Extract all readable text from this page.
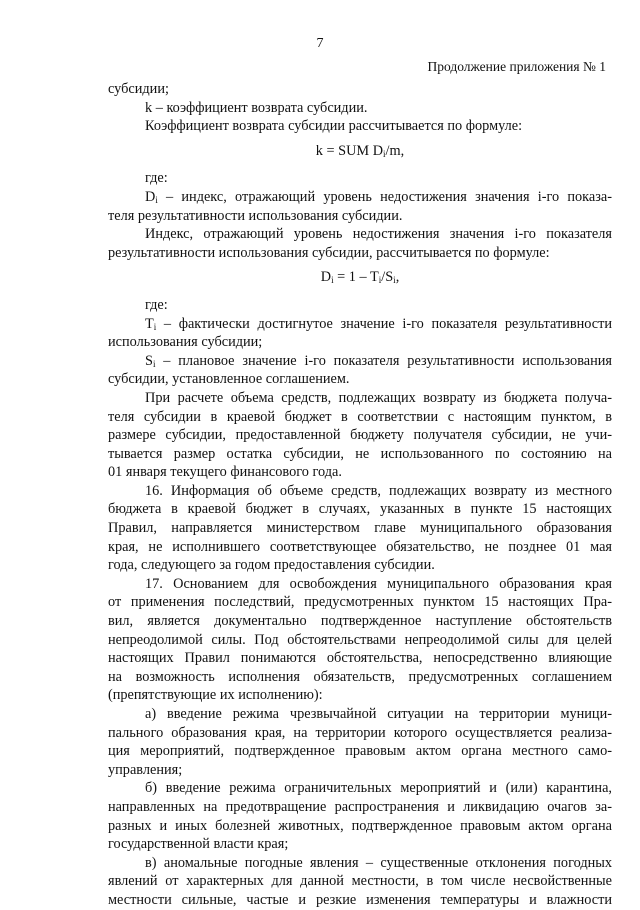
7
Продолжение приложения № 1

субсидии;

k – коэффициент возврата субсидии.

Коэффициент возврата субсидии рассчитывается по формуле:

k = SUM $D_i/m$,

где:

$D_i$ – индекс, отражающий уровень недостижения значения i-го показа-

теля результативности использования субсидии.

Индекс, отражающий уровень недостижения значения i-го показателя

результативности использования субсидии, рассчитывается по формуле:

$D_i = 1 - T_i/S_i$,

где:

$T_i$ – фактически достигнутое значение i-го показателя результативности

использования субсидии;

$S_i$ – плановое значение i-го показателя результативности использования

субсидии, установленное соглашением.

При расчете объема средств, подлежащих возврату из бюджета получа-

теля субсидии в краевой бюджет в соответствии с настоящим пунктом, в

размере субсидии, предоставленной бюджету получателя субсидии, не учи-

тывается размер остатка субсидии, не использованного по состоянию на

01 января текущего финансового года.

16. Информация об объеме средств, подлежащих возврату из местного

бюджета в краевой бюджет в случаях, указанных в пункте 15 настоящих

Правил, направляется министерством главе муниципального образования

края, не исполнившего соответствующее обязательство, не позднее 01 мая

года, следующего за годом предоставления субсидии.

17. Основанием для освобождения муниципального образования края

от применения последствий, предусмотренных пунктом 15 настоящих Пра-

вил, является документально подтвержденное наступление обстоятельств

непреодолимой силы. Под обстоятельствами непреодолимой силы для целей

настоящих Правил понимаются обстоятельства, непосредственно влияющие

на возможность исполнения обязательств, предусмотренных соглашением

(препятствующие их исполнению):

а) введение режима чрезвычайной ситуации на территории муници-

пального образования края, на территории которого осуществляется реализа-

ция мероприятий, подтвержденное правовым актом органа местного само-

управления;

б) введение режима ограничительных мероприятий и (или) карантина,

направленных на предотвращение распространения и ликвидацию очагов за-

разных и иных болезней животных, подтвержденное правовым актом органа

государственной власти края;

в) аномальные погодные явления – существенные отклонения погодных

явлений от характерных для данной местности, в том числе несвойственные

местности сильные, частые и резкие изменения температуры и влажности
